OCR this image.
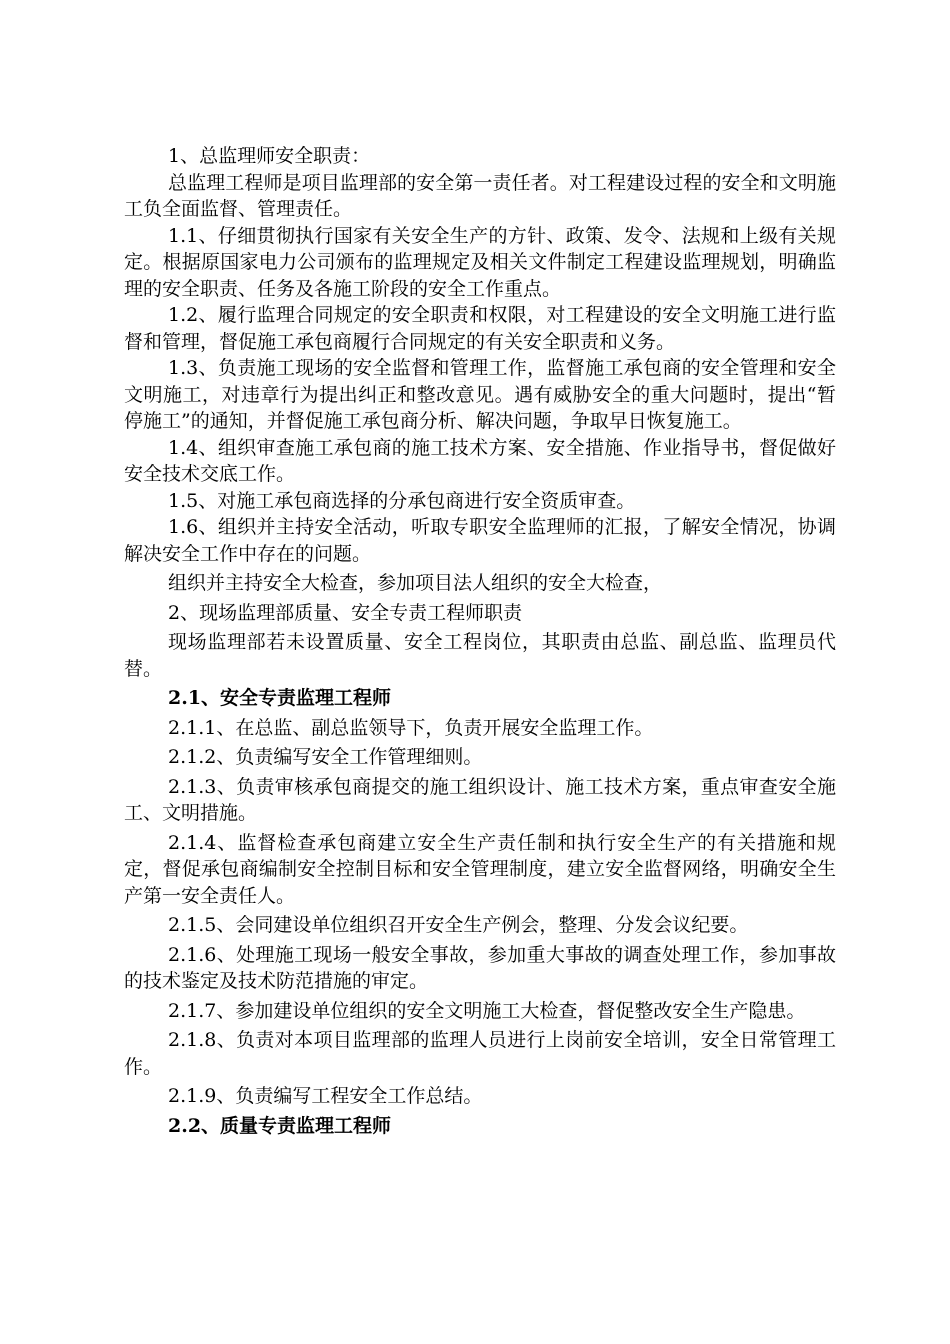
1、总监理师安全职责：

总监理工程师是项目监理部的安全第一责任者。对工程建设过程的安全和文明施工负全面监督、管理责任。

1.1、仔细贯彻执行国家有关安全生产的方针、政策、发令、法规和上级有关规定。根据原国家电力公司颁布的监理规定及相关文件制定工程建设监理规划，明确监理的安全职责、任务及各施工阶段的安全工作重点。

1.2、履行监理合同规定的安全职责和权限，对工程建设的安全文明施工进行监督和管理，督促施工承包商履行合同规定的有关安全职责和义务。

1.3、负责施工现场的安全监督和管理工作，监督施工承包商的安全管理和安全文明施工，对违章行为提出纠正和整改意见。遇有威胁安全的重大问题时，提出“暂停施工”的通知，并督促施工承包商分析、解决问题，争取早日恢复施工。

1.4、组织审查施工承包商的施工技术方案、安全措施、作业指导书，督促做好安全技术交底工作。

1.5、对施工承包商选择的分承包商进行安全资质审查。

1.6、组织并主持安全活动，听取专职安全监理师的汇报，了解安全情况，协调解决安全工作中存在的问题。

组织并主持安全大检查，参加项目法人组织的安全大检查，

2、现场监理部质量、安全专责工程师职责

现场监理部若未设置质量、安全工程岗位，其职责由总监、副总监、监理员代替。

2.1、安全专责监理工程师

2.1.1、在总监、副总监领导下，负责开展安全监理工作。

2.1.2、负责编写安全工作管理细则。

2.1.3、负责审核承包商提交的施工组织设计、施工技术方案，重点审查安全施工、文明措施。

2.1.4、监督检查承包商建立安全生产责任制和执行安全生产的有关措施和规定，督促承包商编制安全控制目标和安全管理制度，建立安全监督网络，明确安全生产第一安全责任人。

2.1.5、会同建设单位组织召开安全生产例会，整理、分发会议纪要。

2.1.6、处理施工现场一般安全事故，参加重大事故的调查处理工作，参加事故的技术鉴定及技术防范措施的审定。

2.1.7、参加建设单位组织的安全文明施工大检查，督促整改安全生产隐患。

2.1.8、负责对本项目监理部的监理人员进行上岗前安全培训，安全日常管理工作。

2.1.9、负责编写工程安全工作总结。

2.2、质量专责监理工程师
